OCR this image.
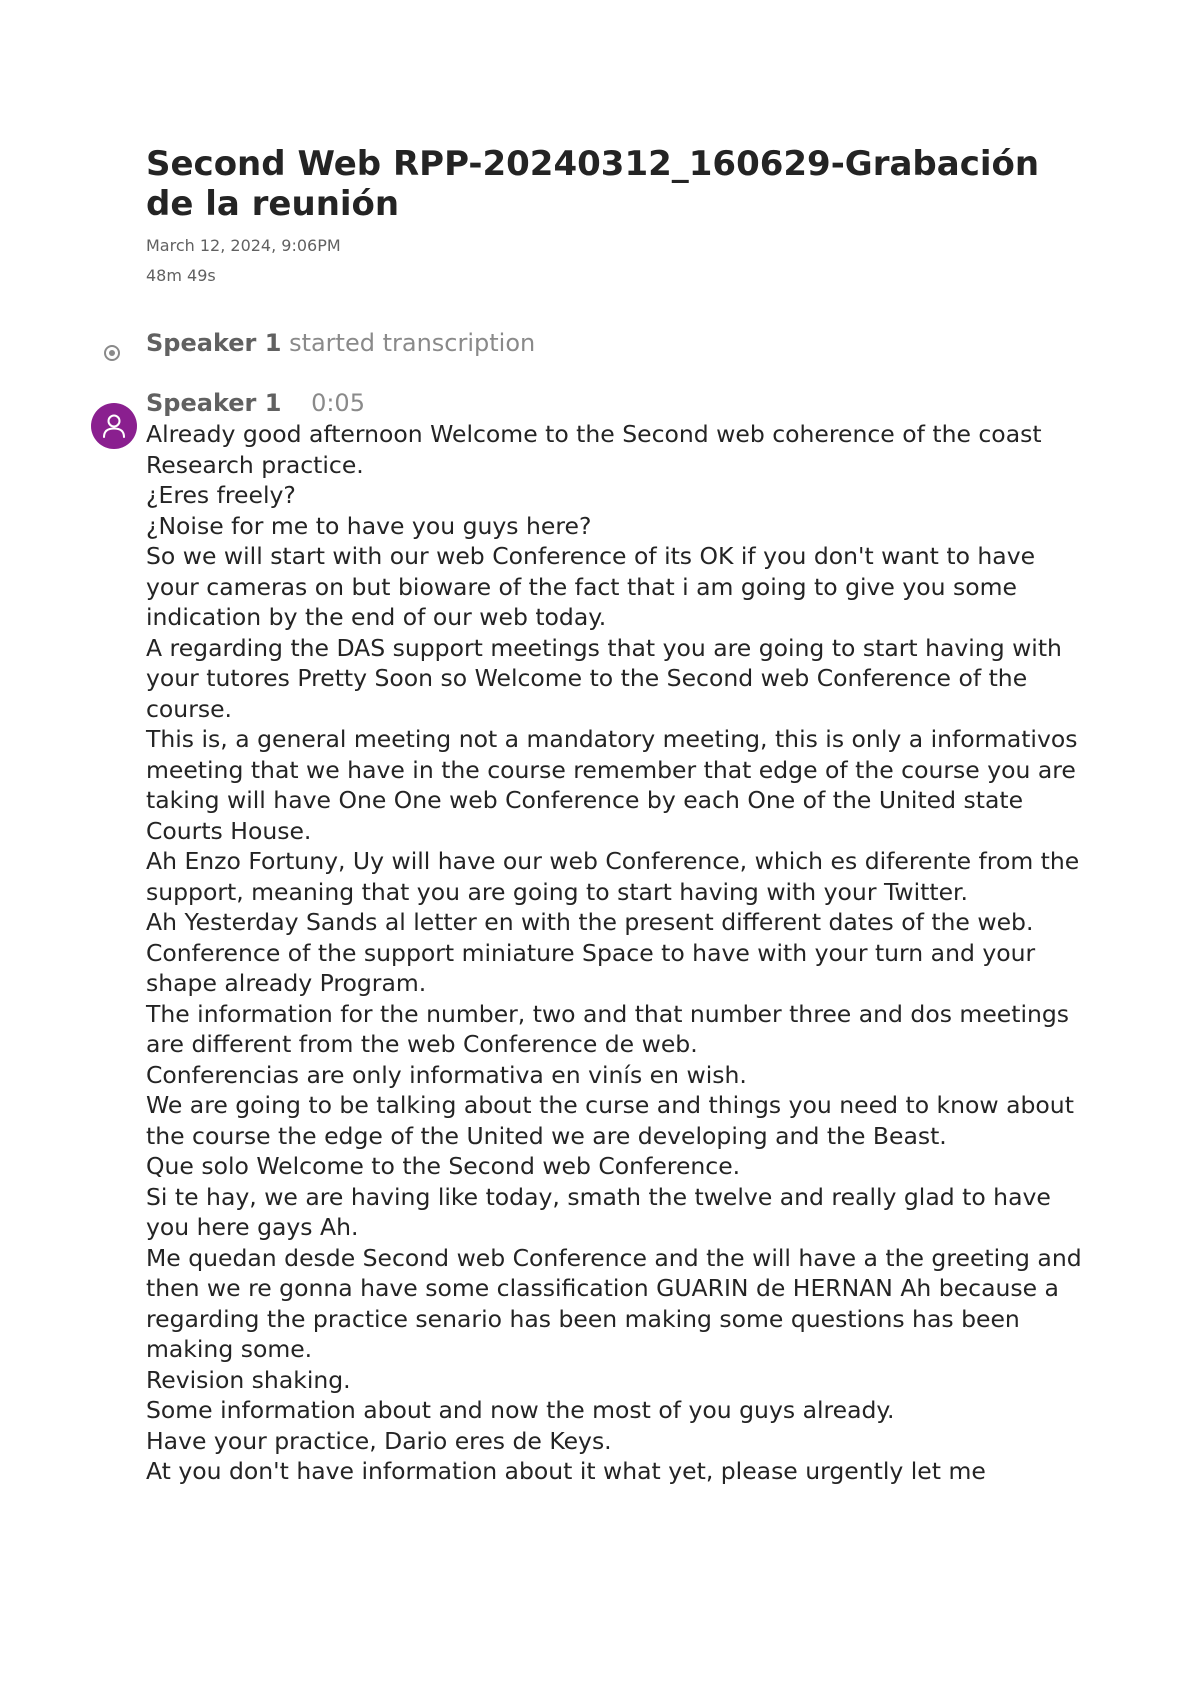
Second Web RPP-20240312_160629-Grabación de la reunión
March 12, 2024, 9:06PM
48m 49s
Speaker 1 started transcription
Speaker 1 0:05
Already good afternoon Welcome to the Second web coherence of the coast Research practice.
¿Eres freely?
¿Noise for me to have you guys here?
So we will start with our web Conference of its OK if you don't want to have your cameras on but bioware of the fact that i am going to give you some indication by the end of our web today.
A regarding the DAS support meetings that you are going to start having with your tutores Pretty Soon so Welcome to the Second web Conference of the course.
This is, a general meeting not a mandatory meeting, this is only a informativos meeting that we have in the course remember that edge of the course you are taking will have One One web Conference by each One of the United state Courts House.
Ah Enzo Fortuny, Uy will have our web Conference, which es diferente from the support, meaning that you are going to start having with your Twitter.
Ah Yesterday Sands al letter en with the present different dates of the web.
Conference of the support miniature Space to have with your turn and your shape already Program.
The information for the number, two and that number three and dos meetings are different from the web Conference de web.
Conferencias are only informativa en vinís en wish.
We are going to be talking about the curse and things you need to know about the course the edge of the United we are developing and the Beast.
Que solo Welcome to the Second web Conference.
Si te hay, we are having like today, smath the twelve and really glad to have you here gays Ah.
Me quedan desde Second web Conference and the will have a the greeting and then we re gonna have some classification GUARIN de HERNAN Ah because a regarding the practice senario has been making some questions has been making some.
Revision shaking.
Some information about and now the most of you guys already.
Have your practice, Dario eres de Keys.
At you don't have information about it what yet, please urgently let me
